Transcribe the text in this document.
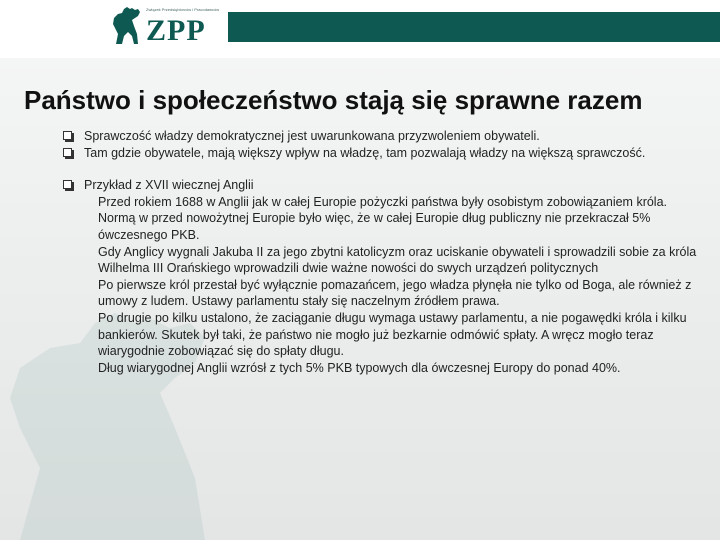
Związek Przedsiębiorców i Pracodawców
ZPP
Państwo i społeczeństwo stają się sprawne razem
Sprawczość władzy demokratycznej jest uwarunkowana przyzwoleniem obywateli.
Tam gdzie obywatele, mają większy wpływ na władzę, tam pozwalają władzy na większą sprawczość.
Przykład z XVII wiecznej Anglii
Przed rokiem 1688 w Anglii jak w całej Europie pożyczki państwa były osobistym zobowiązaniem króla.
Normą w przed nowożytnej Europie było więc, że w całej Europie dług publiczny nie przekraczał 5% ówczesnego PKB.
Gdy Anglicy wygnali Jakuba II za jego zbytni katolicyzm oraz uciskanie obywateli i sprowadzili sobie za króla Wilhelma III Orańskiego wprowadzili dwie ważne nowości do swych urządzeń politycznych
Po pierwsze król przestał być wyłącznie pomazańcem, jego władza płynęła nie tylko od Boga, ale również z umowy z ludem. Ustawy parlamentu stały się naczelnym źródłem prawa.
Po drugie po kilku ustalono, że zaciąganie długu wymaga ustawy parlamentu, a nie pogawędki króla i kilku bankierów. Skutek był taki, że państwo nie mogło już bezkarnie odmówić spłaty. A wręcz mogło teraz wiarygodnie zobowiązać się do spłaty długu.
Dług wiarygodnej Anglii wzrósł z tych 5% PKB typowych dla ówczesnej Europy do ponad 40%.
